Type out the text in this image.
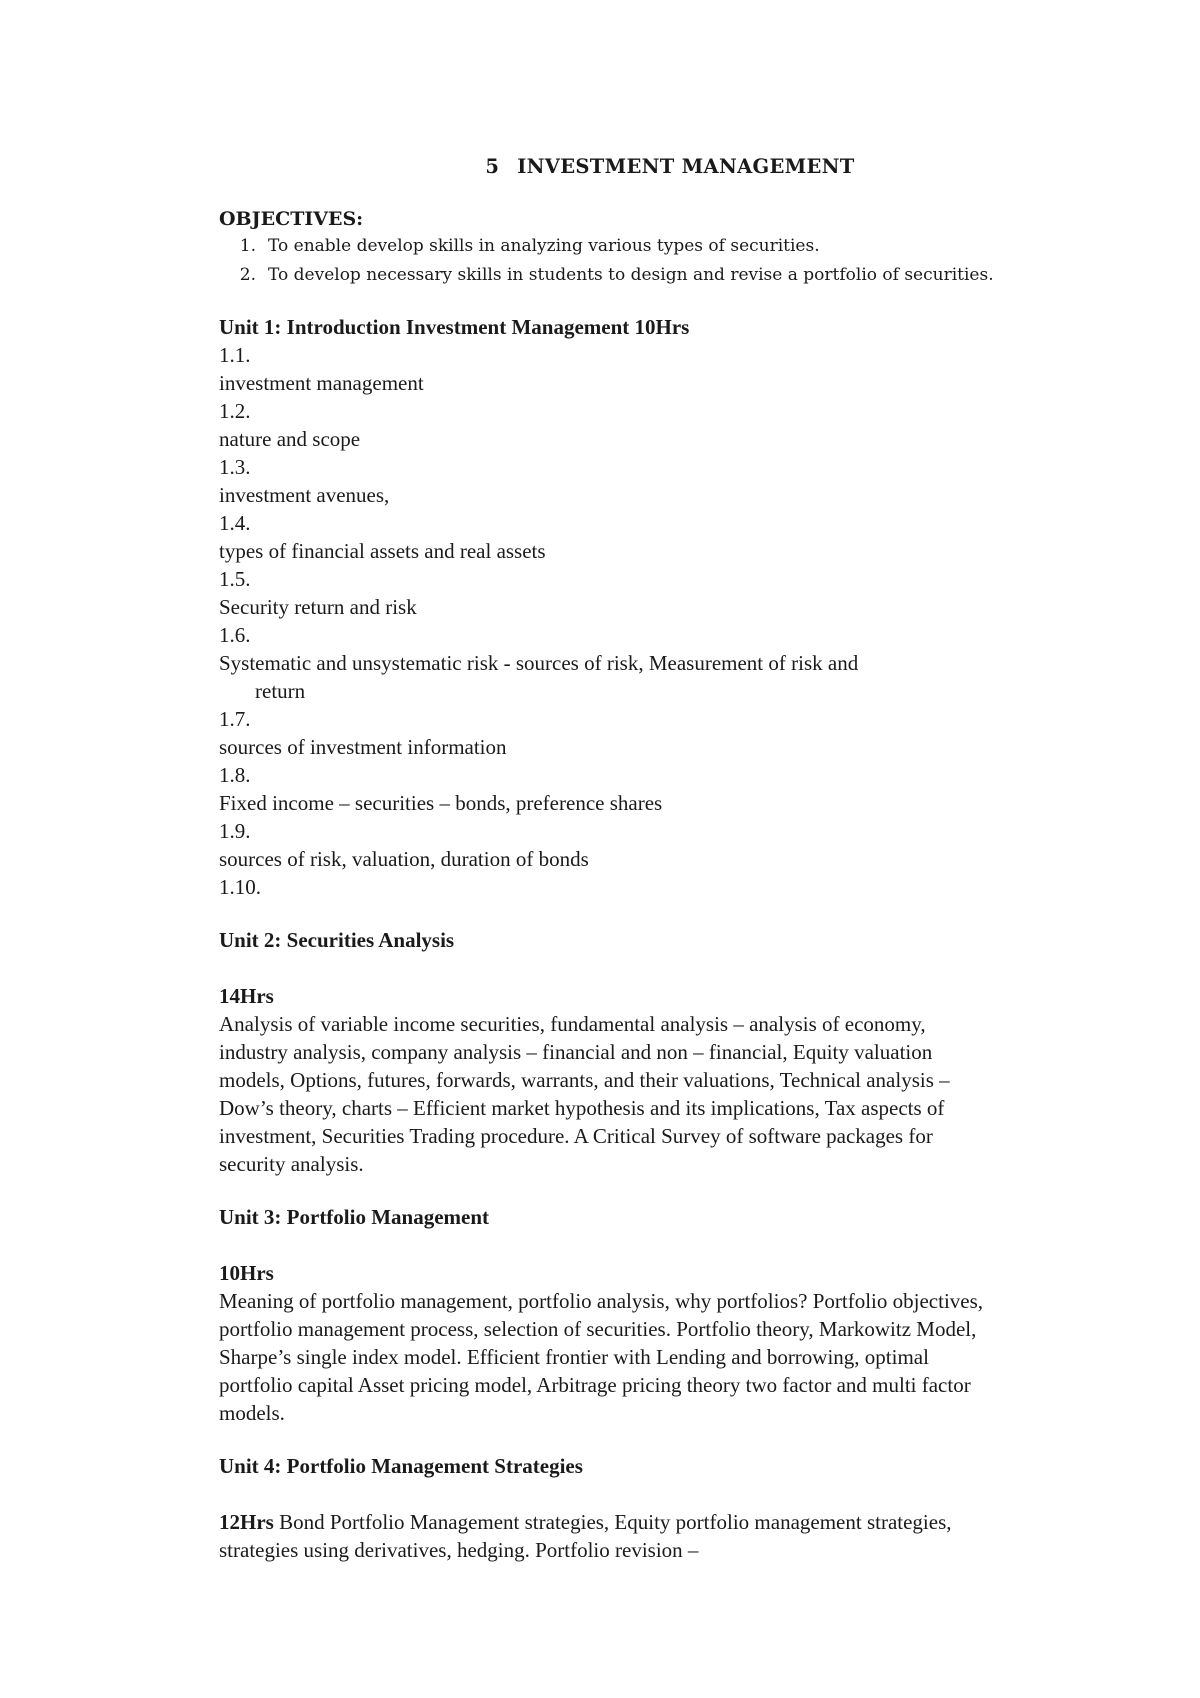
5 INVESTMENT MANAGEMENT
OBJECTIVES:
1. To enable develop skills in analyzing various types of securities.
2. To develop necessary skills in students to design and revise a portfolio of securities.
Unit 1: Introduction Investment Management 10Hrs
1.1.
investment management
1.2.
nature and scope
1.3.
investment avenues,
1.4.
types of financial assets and real assets
1.5.
Security return and risk
1.6.
Systematic and unsystematic risk - sources of risk, Measurement of risk and
return
1.7.
sources of investment information
1.8.
Fixed income – securities – bonds, preference shares
1.9.
sources of risk, valuation, duration of bonds
1.10.
Unit 2: Securities Analysis
14Hrs
Analysis of variable income securities, fundamental analysis – analysis of economy, industry analysis, company analysis – financial and non – financial, Equity valuation models, Options, futures, forwards, warrants, and their valuations, Technical analysis – Dow’s theory, charts – Efficient market hypothesis and its implications, Tax aspects of investment, Securities Trading procedure. A Critical Survey of software packages for security analysis.
Unit 3: Portfolio Management
10Hrs
Meaning of portfolio management, portfolio analysis, why portfolios? Portfolio objectives, portfolio management process, selection of securities. Portfolio theory, Markowitz Model, Sharpe’s single index model. Efficient frontier with Lending and borrowing, optimal portfolio capital Asset pricing model, Arbitrage pricing theory two factor and multi factor models.
Unit 4: Portfolio Management Strategies
12Hrs Bond Portfolio Management strategies, Equity portfolio management strategies, strategies using derivatives, hedging. Portfolio revision –
